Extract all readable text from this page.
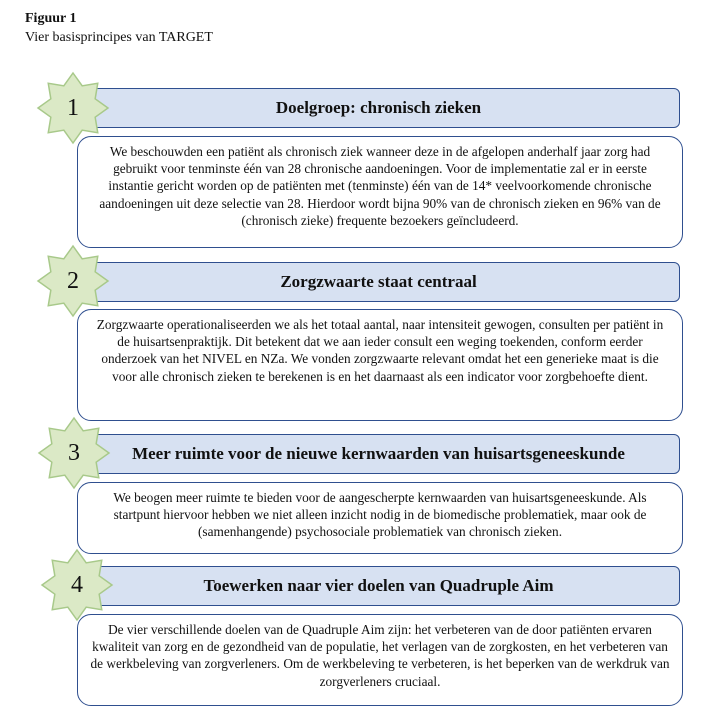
Figuur 1
Vier basisprincipes van TARGET
Doelgroep: chronisch zieken
We beschouwden een patiënt als chronisch ziek wanneer deze in de afgelopen anderhalf jaar zorg had gebruikt voor tenminste één van 28 chronische aandoeningen. Voor de implementatie zal er in eerste instantie gericht worden op de patiënten met (tenminste) één van de 14* veelvoorkomende chronische aandoeningen uit deze selectie van 28. Hierdoor wordt bijna 90% van de chronisch zieken en 96% van de (chronisch zieke) frequente bezoekers geïncludeerd.
1
Zorgzwaarte staat centraal
Zorgzwaarte operationaliseerden we als het totaal aantal, naar intensiteit gewogen, consulten per patiënt in de huisartsenpraktijk. Dit betekent dat we aan ieder consult een weging toekenden, conform eerder onderzoek van het NIVEL en NZa. We vonden zorgzwaarte relevant omdat het een generieke maat is die voor alle chronisch zieken te berekenen is en het daarnaast als een indicator voor zorgbehoefte dient.
2
Meer ruimte voor de nieuwe kernwaarden van huisartsgeneeskunde
We beogen meer ruimte te bieden voor de aangescherpte kernwaarden van huisartsgeneeskunde. Als startpunt hiervoor hebben we niet alleen inzicht nodig in de biomedische problematiek, maar ook de (samenhangende) psychosociale problematiek van chronisch zieken.
3
Toewerken naar vier doelen van Quadruple Aim
De vier verschillende doelen van de Quadruple Aim zijn: het verbeteren van de door patiënten ervaren kwaliteit van zorg en de gezondheid van de populatie, het verlagen van de zorgkosten, en het verbeteren van de werkbeleving van zorgverleners. Om de werkbeleving te verbeteren, is het beperken van de werkdruk van zorgverleners cruciaal.
4
